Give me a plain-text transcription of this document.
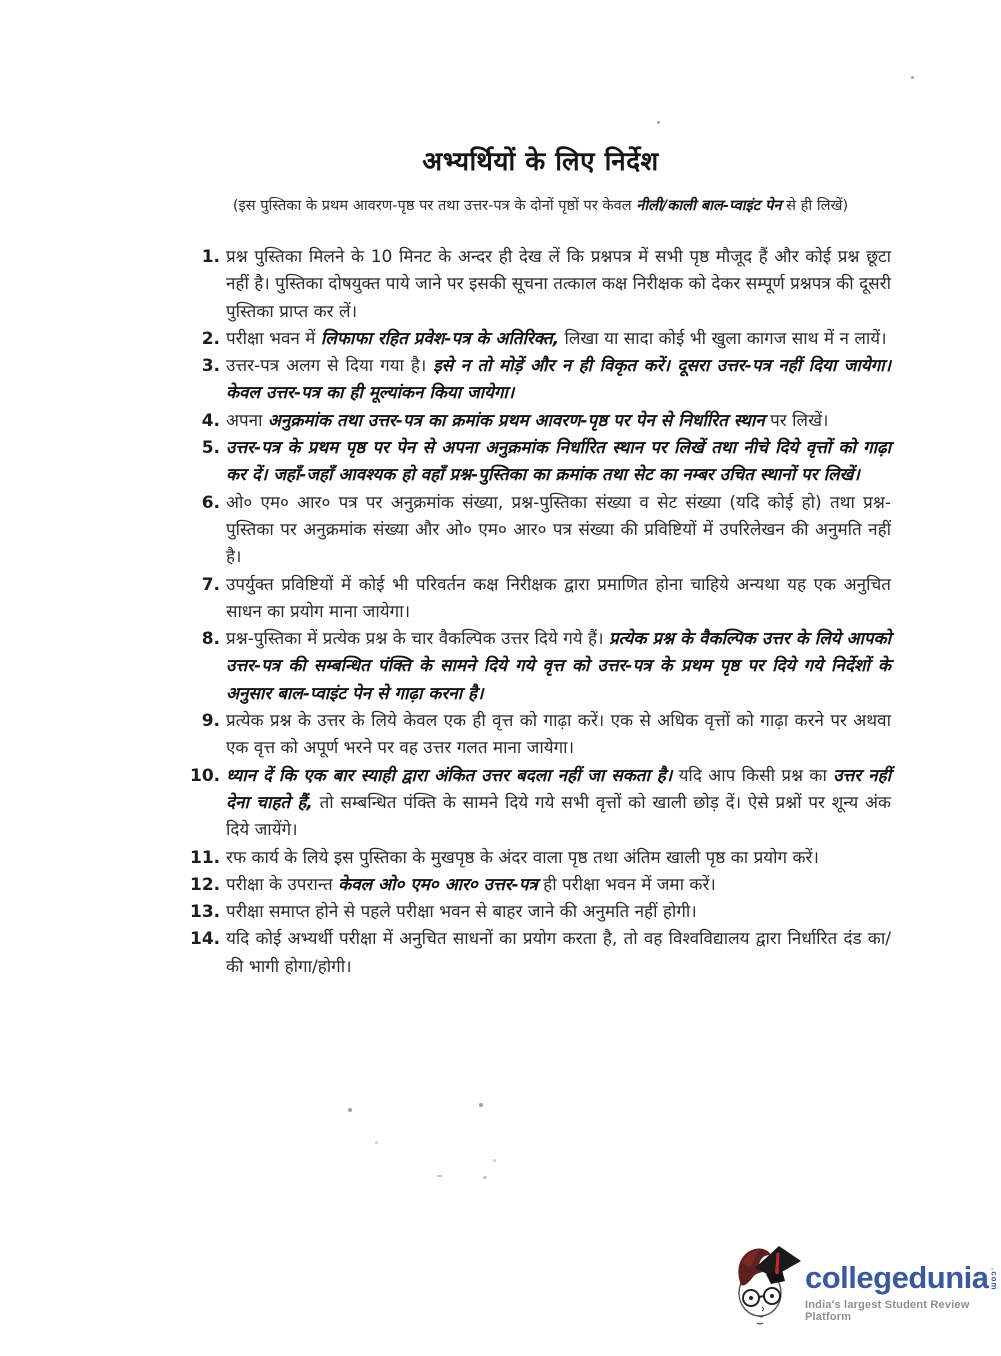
अभ्यर्थियों के लिए निर्देश

(इस पुस्तिका के प्रथम आवरण-पृष्ठ पर तथा उत्तर-पत्र के दोनों पृष्ठों पर केवल नीली/काली बाल-प्वाइंट पेन से ही लिखें)

1. प्रश्न पुस्तिका मिलने के 10 मिनट के अन्दर ही देख लें कि प्रश्नपत्र में सभी पृष्ठ मौजूद हैं और कोई प्रश्न छूटा नहीं है। पुस्तिका दोषयुक्त पाये जाने पर इसकी सूचना तत्काल कक्ष निरीक्षक को देकर सम्पूर्ण प्रश्नपत्र की दूसरी पुस्तिका प्राप्त कर लें।
2. परीक्षा भवन में लिफाफा रहित प्रवेश-पत्र के अतिरिक्त, लिखा या सादा कोई भी खुला कागज साथ में न लायें।
3. उत्तर-पत्र अलग से दिया गया है। इसे न तो मोड़ें और न ही विकृत करें। दूसरा उत्तर-पत्र नहीं दिया जायेगा। केवल उत्तर-पत्र का ही मूल्यांकन किया जायेगा।
4. अपना अनुक्रमांक तथा उत्तर-पत्र का क्रमांक प्रथम आवरण-पृष्ठ पर पेन से निर्धारित स्थान पर लिखें।
5. उत्तर-पत्र के प्रथम पृष्ठ पर पेन से अपना अनुक्रमांक निर्धारित स्थान पर लिखें तथा नीचे दिये वृत्तों को गाढ़ा कर दें। जहाँ-जहाँ आवश्यक हो वहाँ प्रश्न-पुस्तिका का क्रमांक तथा सेट का नम्बर उचित स्थानों पर लिखें।
6. ओ० एम० आर० पत्र पर अनुक्रमांक संख्या, प्रश्न-पुस्तिका संख्या व सेट संख्या (यदि कोई हो) तथा प्रश्न-पुस्तिका पर अनुक्रमांक संख्या और ओ० एम० आर० पत्र संख्या की प्रविष्टियों में उपरिलेखन की अनुमति नहीं है।
7. उपर्युक्त प्रविष्टियों में कोई भी परिवर्तन कक्ष निरीक्षक द्वारा प्रमाणित होना चाहिये अन्यथा यह एक अनुचित साधन का प्रयोग माना जायेगा।
8. प्रश्न-पुस्तिका में प्रत्येक प्रश्न के चार वैकल्पिक उत्तर दिये गये हैं। प्रत्येक प्रश्न के वैकल्पिक उत्तर के लिये आपको उत्तर-पत्र की सम्बन्धित पंक्ति के सामने दिये गये वृत्त को उत्तर-पत्र के प्रथम पृष्ठ पर दिये गये निर्देशों के अनुसार बाल-प्वाइंट पेन से गाढ़ा करना है।
9. प्रत्येक प्रश्न के उत्तर के लिये केवल एक ही वृत्त को गाढ़ा करें। एक से अधिक वृत्तों को गाढ़ा करने पर अथवा एक वृत्त को अपूर्ण भरने पर वह उत्तर गलत माना जायेगा।
10. ध्यान दें कि एक बार स्याही द्वारा अंकित उत्तर बदला नहीं जा सकता है। यदि आप किसी प्रश्न का उत्तर नहीं देना चाहते हैं, तो सम्बन्धित पंक्ति के सामने दिये गये सभी वृत्तों को खाली छोड़ दें। ऐसे प्रश्नों पर शून्य अंक दिये जायेंगे।
11. रफ कार्य के लिये इस पुस्तिका के मुखपृष्ठ के अंदर वाला पृष्ठ तथा अंतिम खाली पृष्ठ का प्रयोग करें।
12. परीक्षा के उपरान्त केवल ओ० एम० आर० उत्तर-पत्र ही परीक्षा भवन में जमा करें।
13. परीक्षा समाप्त होने से पहले परीक्षा भवन से बाहर जाने की अनुमति नहीं होगी।
14. यदि कोई अभ्यर्थी परीक्षा में अनुचित साधनों का प्रयोग करता है, तो वह विश्वविद्यालय द्वारा निर्धारित दंड का/की भागी होगा/होगी।
collegedunia .com
India's largest Student Review Platform
